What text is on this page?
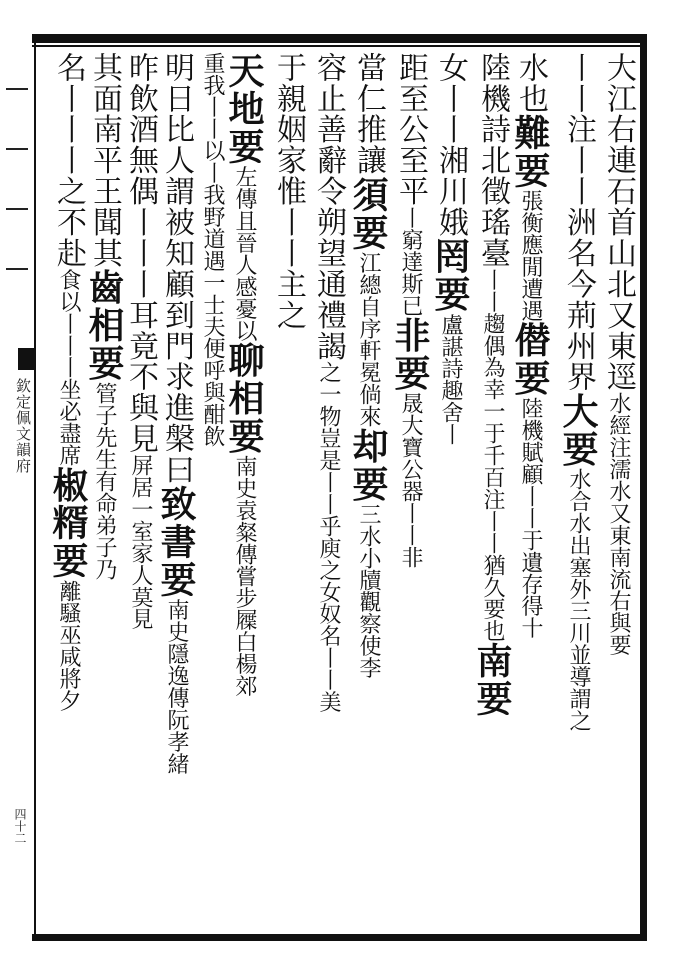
欽定佩文韻府
四十二
大江右連石首山北又東逕水經注濡水又東南流右與要
丨丨注丨丨洲名今荊州界大要水合水出塞外三川並導謂之
水也難要張衡應閒遭遇僣要陸機賦顧丨丨于遺存得十
陸機詩北徵瑤臺丨丨趨偶為幸一于千百注丨丨猶久要也南要
女丨丨湘川娥罔要盧諶詩趣舍丨
距至公至平丨窮達斯已非要晟大寶公器丨丨非
當仁推讓須要江總自序軒冕倘來却要三水小牘觀察使李
容止善辭令朔望通禮謁之一物豈是丨丨乎庾之女奴名丨丨美
于親姻家惟丨丨主之
天地要左傳且晉人感憂以聊相要南史袁粲傳嘗步屧白楊郊
重我丨丨以丨我野道遇一士夫便呼與酣飲
明日比人謂被知顧到門求進槃曰致書要南史隱逸傳阮孝緒
昨飲酒無偶丨丨丨耳竟不與見屏居一室家人莫見
其面南平王聞其齒相要管子先生有命弟子乃
名丨丨丨之不赴食以丨丨丨坐必盡席椒糈要離騷巫咸將夕
